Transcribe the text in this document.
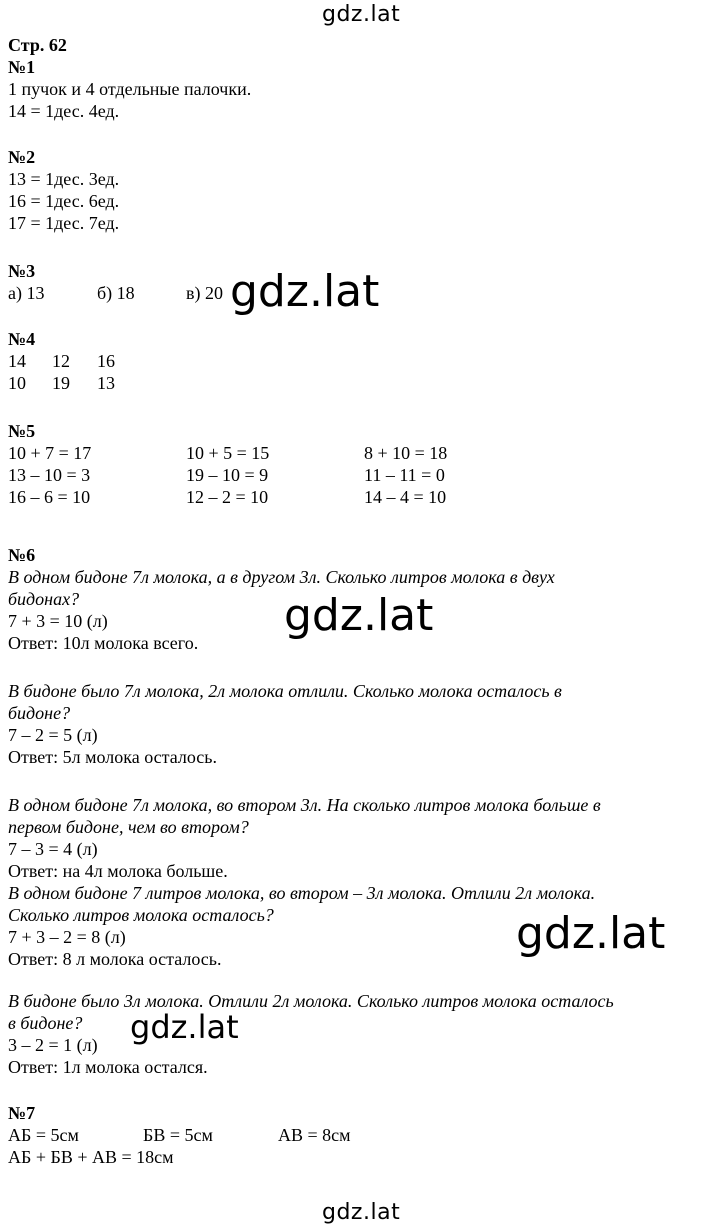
gdz.lat
gdz.lat
Стр. 62
№1
1 пучок и 4 отдельные палочки.
14 = 1дес. 4ед.
№2
13 = 1дес. 3ед.
16 = 1дес. 6ед.
17 = 1дес. 7ед.
№3
а) 13	б) 18	в) 20 gdz.lat
№4
14 12 16
10 19 13
№5
10 + 7 = 17	10 + 5 = 15	8 + 10 = 18
13 – 10 = 3	19 – 10 = 9	11 – 11 = 0
16 – 6 = 10	12 – 2 = 10	14 – 4 = 10
№6
В одном бидоне 7л молока, а в другом 3л. Сколько литров молока в двух
бидонах?
7 + 3 = 10 (л)
Ответ: 10л молока всего.
gdz.lat
В бидоне было 7л молока, 2л молока отлили. Сколько молока осталось в
бидоне?
7 – 2 = 5 (л)
Ответ: 5л молока осталось.
В одном бидоне 7л молока, во втором 3л. На сколько литров молока больше в
первом бидоне, чем во втором?
7 – 3 = 4 (л)
Ответ: на 4л молока больше.
В одном бидоне 7 литров молока, во втором – 3л молока. Отлили 2л молока.
Сколько литров молока осталось?
7 + 3 – 2 = 8 (л)
Ответ: 8 л молока осталось.	gdz.lat
В бидоне было 3л молока. Отлили 2л молока. Сколько литров молока осталось
в бидоне?
3 – 2 = 1 (л)
Ответ: 1л молока остался.
gdz.lat
№7
АБ = 5см	БВ = 5см	АВ = 8см
АБ + БВ + АВ = 18см
